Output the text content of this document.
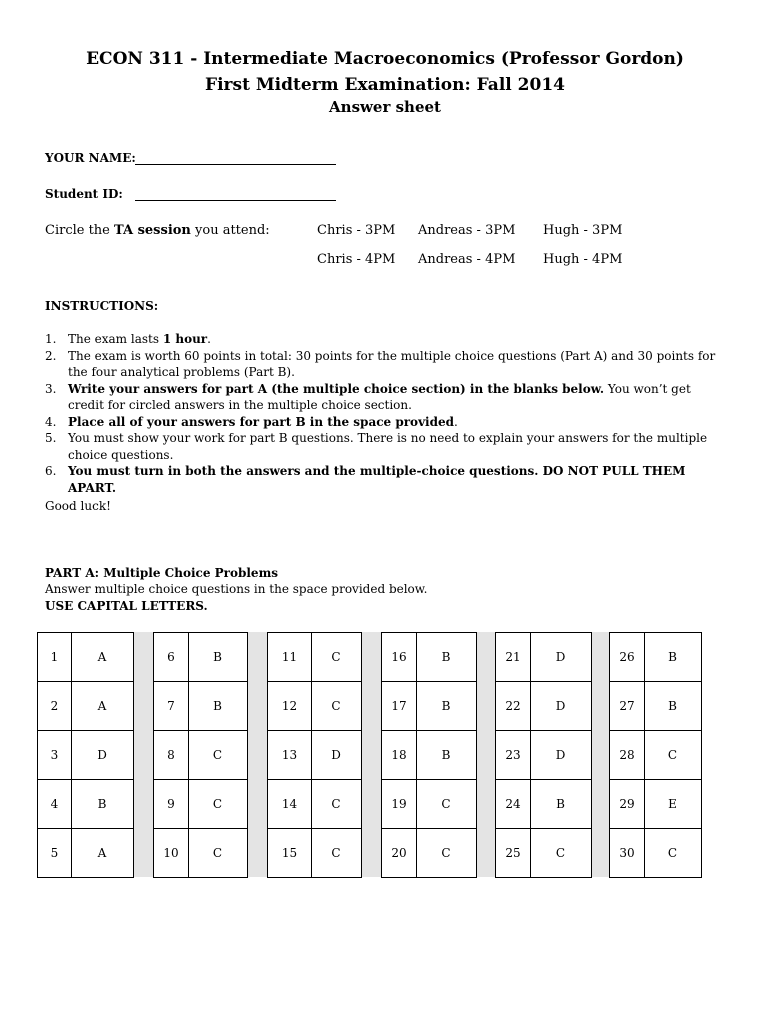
ECON 311 - Intermediate Macroeconomics (Professor Gordon)
First Midterm Examination: Fall 2014
Answer sheet
YOUR NAME:
Student ID:
Circle the TA session you attend:	Chris - 3PM Andreas - 3PM Hugh - 3PM
Chris - 4PM Andreas - 4PM Hugh - 4PM
INSTRUCTIONS:
1. The exam lasts 1 hour.
2. The exam is worth 60 points in total: 30 points for the multiple choice questions (Part A) and 30 points for the four analytical problems (Part B).
3. Write your answers for part A (the multiple choice section) in the blanks below. You won’t get credit for circled answers in the multiple choice section.
4. Place all of your answers for part B in the space provided.
5. You must show your work for part B questions. There is no need to explain your answers for the multiple choice questions.
6. You must turn in both the answers and the multiple-choice questions. DO NOT PULL THEM APART.
Good luck!
PART A: Multiple Choice Problems
Answer multiple choice questions in the space provided below.
USE CAPITAL LETTERS.
1	A
2	A
3	D
4	B
5	A
6	B
7	B
8	C
9	C
10	C
11	C
12	C
13	D
14	C
15	C
16	B
17	B
18	B
19	C
20	C
21	D
22	D
23	D
24	B
25	C
26	B
27	B
28	C
29	E
30	C
